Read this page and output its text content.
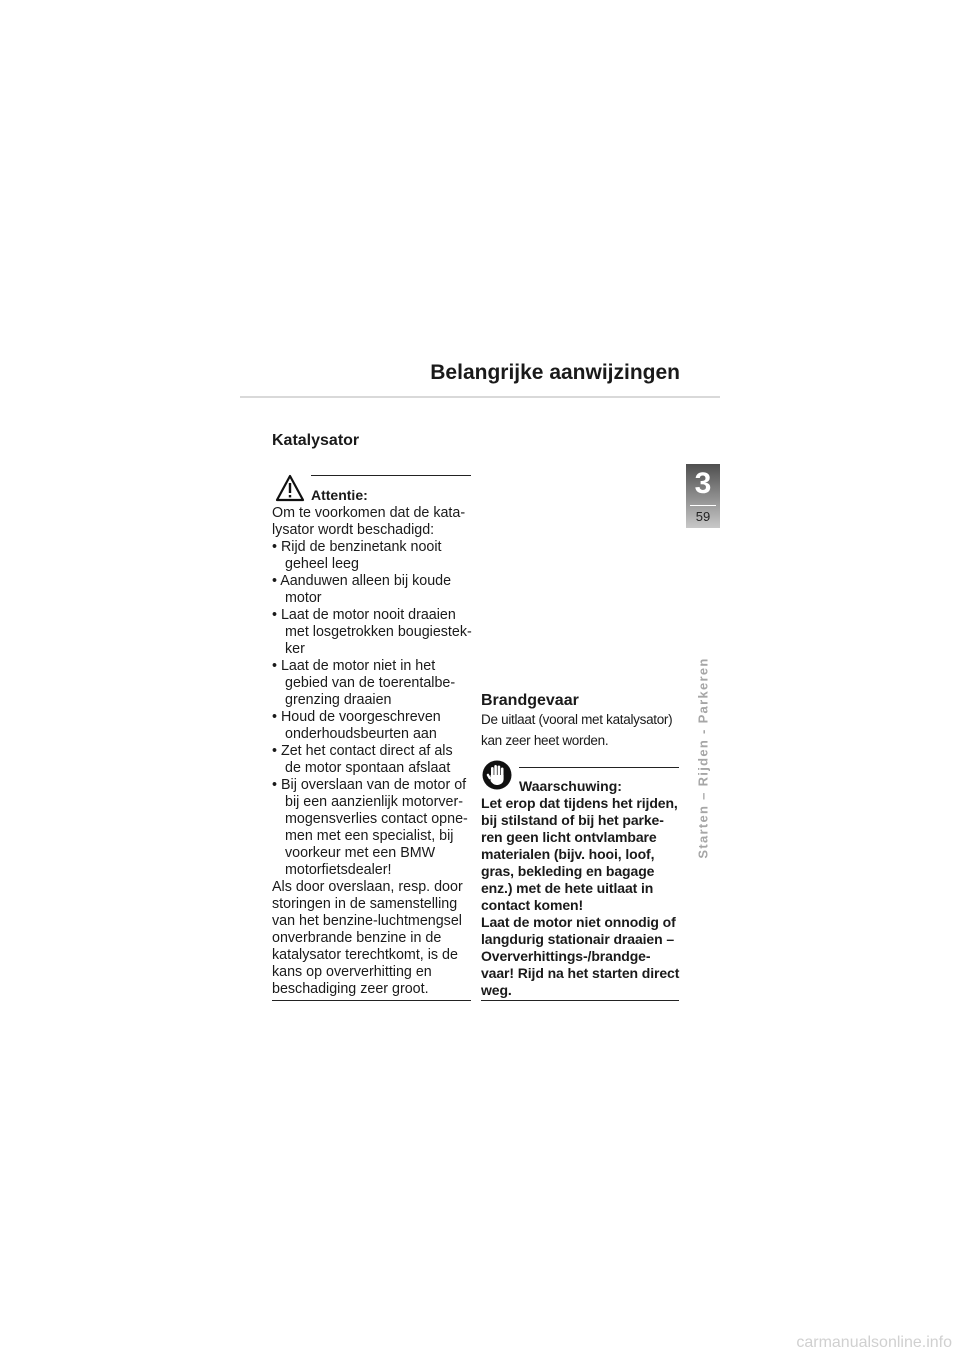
Belangrijke aanwijzingen
Katalysator
Attentie:
Om te voorkomen dat de kata-lysator wordt beschadigd:
• Rijd de benzinetank nooit geheel leeg
• Aanduwen alleen bij koude motor
• Laat de motor nooit draaien met losgetrokken bougiestek-ker
• Laat de motor niet in het gebied van de toerentalbe-grenzing draaien
• Houd de voorgeschreven onderhoudsbeurten aan
• Zet het contact direct af als de motor spontaan afslaat
• Bij overslaan van de motor of bij een aanzienlijk motorver-mogensverlies contact opne-men met een specialist, bij voorkeur met een BMW motorfietsdealer!
Als door overslaan, resp. door storingen in de samenstelling van het benzine-luchtmengsel onverbrande benzine in de katalysator terechtkomt, is de kans op oververhitting en beschadiging zeer groot.
Brandgevaar
De uitlaat (vooral met katalysator) kan zeer heet worden.
Waarschuwing:
Let erop dat tijdens het rijden, bij stilstand of bij het parke-ren geen licht ontvlambare materialen (bijv. hooi, loof, gras, bekleding en bagage enz.) met de hete uitlaat in contact komen!
Laat de motor niet onnodig of langdurig stationair draaien – Oververhittings-/brandge-vaar! Rijd na het starten direct weg.
3
59
Starten – Rijden - Parkeren
carmanualsonline.info
